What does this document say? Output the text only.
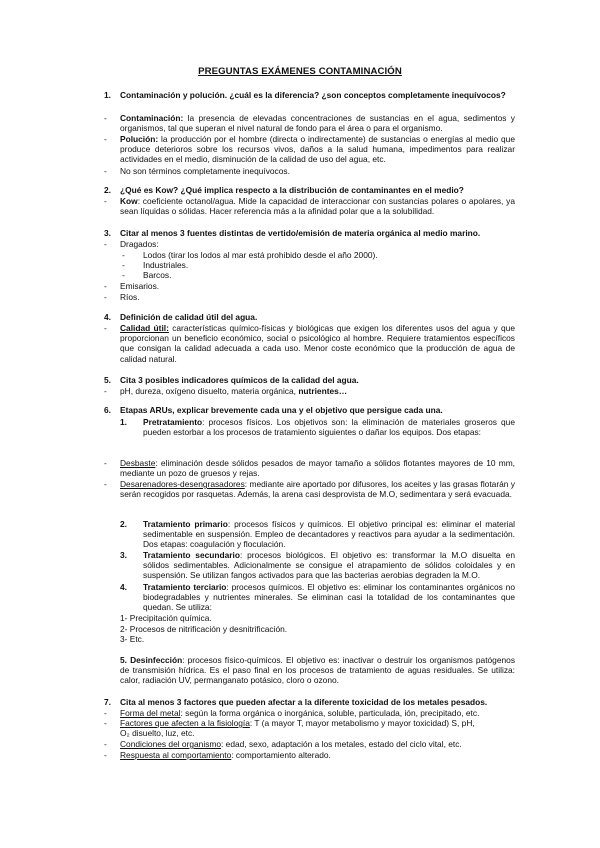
PREGUNTAS EXÁMENES CONTAMINACIÓN
1. Contaminación y polución. ¿cuál es la diferencia? ¿son conceptos completamente inequívocos?
- Contaminación: la presencia de elevadas concentraciones de sustancias en el agua, sedimentos y organismos, tal que superan el nivel natural de fondo para el área o para el organismo.
- Polución: la producción por el hombre (directa o indirectamente) de sustancias o energías al medio que produce deterioros sobre los recursos vivos, daños a la salud humana, impedimentos para realizar actividades en el medio, disminución de la calidad de uso del agua, etc.
- No son términos completamente inequívocos.
2. ¿Qué es Kow? ¿Qué implica respecto a la distribución de contaminantes en el medio?
- Kow: coeficiente octanol/agua. Mide la capacidad de interaccionar con sustancias polares o apolares, ya sean líquidas o sólidas. Hacer referencia más a la afinidad polar que a la solubilidad.
3. Citar al menos 3 fuentes distintas de vertido/emisión de materia orgánica al medio marino.
- Dragados:
- Lodos (tirar los lodos al mar está prohibido desde el año 2000).
- Industriales.
- Barcos.
- Emisarios.
- Ríos.
4. Definición de calidad útil del agua.
- Calidad útil: características químico-físicas y biológicas que exigen los diferentes usos del agua y que proporcionan un beneficio económico, social o psicológico al hombre. Requiere tratamientos específicos que consigan la calidad adecuada a cada uso. Menor coste económico que la producción de agua de calidad natural.
5. Cita 3 posibles indicadores químicos de la calidad del agua.
- pH, dureza, oxígeno disuelto, materia orgánica, nutrientes…
6. Etapas ARUs, explicar brevemente cada una y el objetivo que persigue cada una.
1. Pretratamiento: procesos físicos. Los objetivos son: la eliminación de materiales groseros que pueden estorbar a los procesos de tratamiento siguientes o dañar los equipos. Dos etapas:
- Desbaste: eliminación desde sólidos pesados de mayor tamaño a sólidos flotantes mayores de 10 mm, mediante un pozo de gruesos y rejas.
- Desarenadores-desengrasadores: mediante aire aportado por difusores, los aceites y las grasas flotarán y serán recogidos por rasquetas. Además, la arena casi desprovista de M.O, sedimentara y será evacuada.
2. Tratamiento primario: procesos físicos y químicos. El objetivo principal es: eliminar el material sedimentable en suspensión. Empleo de decantadores y reactivos para ayudar a la sedimentación. Dos etapas: coagulación y floculación.
3. Tratamiento secundario: procesos biológicos. El objetivo es: transformar la M.O disuelta en sólidos sedimentables. Adicionalmente se consigue el atrapamiento de sólidos coloidales y en suspensión. Se utilizan fangos activados para que las bacterias aerobias degraden la M.O.
4. Tratamiento terciario: procesos químicos. El objetivo es: eliminar los contaminantes orgánicos no biodegradables y nutrientes minerales. Se eliminan casi la totalidad de los contaminantes que quedan. Se utiliza:
1- Precipitación química.
2- Procesos de nitrificación y desnitrificación.
3- Etc.
5. Desinfección: procesos físico-químicos. El objetivo es: inactivar o destruir los organismos patógenos de transmisión hídrica. Es el paso final en los procesos de tratamiento de aguas residuales. Se utiliza: calor, radiación UV, permanganato potásico, cloro o ozono.
7. Cita al menos 3 factores que pueden afectar a la diferente toxicidad de los metales pesados.
- Forma del metal: según la forma orgánica o inorgánica, soluble, particulada, ión, precipitado, etc.
- Factores que afecten a la fisiología: T (a mayor T, mayor metabolismo y mayor toxicidad) S, pH,
O₂ disuelto, luz, etc.
- Condiciones del organismo: edad, sexo, adaptación a los metales, estado del ciclo vital, etc.
- Respuesta al comportamiento: comportamiento alterado.
